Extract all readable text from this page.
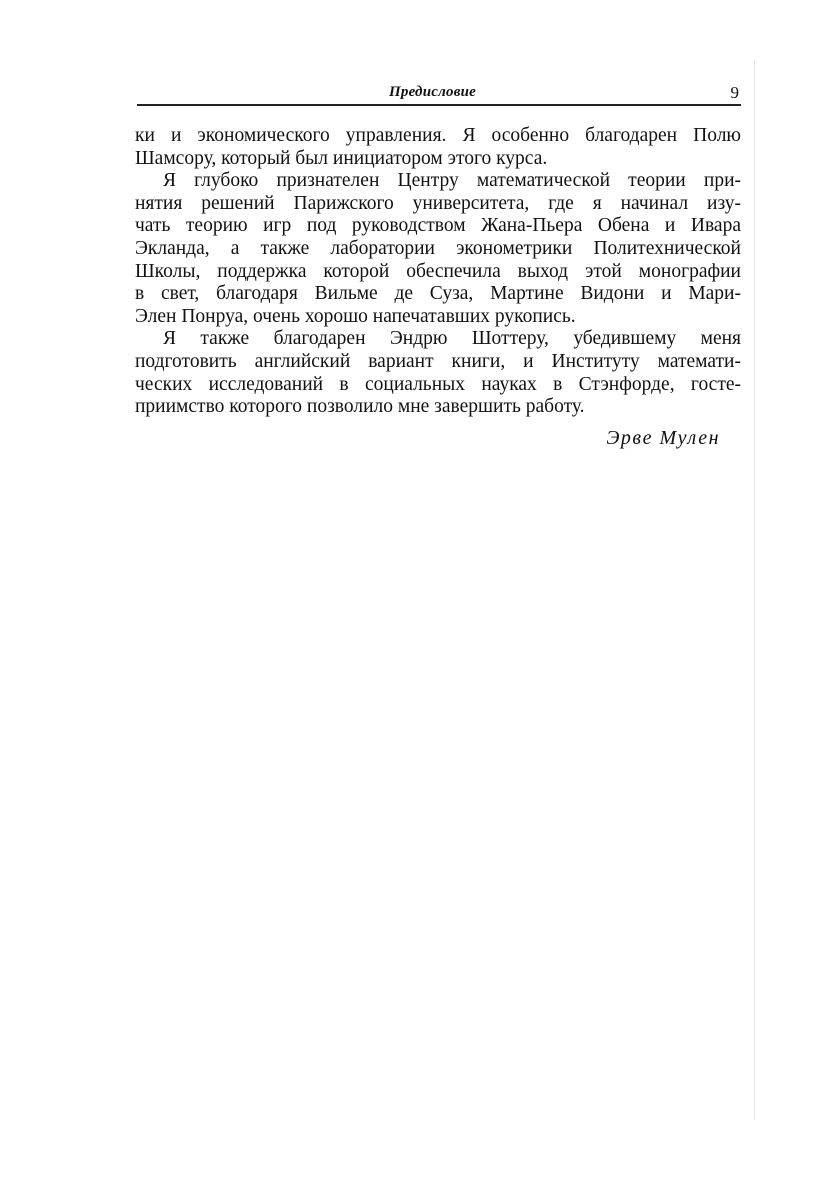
Предисловие	9

ки и экономического управления. Я особенно благодарен Полю
Шамсору, который был инициатором этого курса.

Я глубоко признателен Центру математической теории при-
нятия решений Парижского университета, где я начинал изу-
чать теорию игр под руководством Жана-Пьера Обена и Ивара
Экланда, а также лаборатории эконометрики Политехнической
Школы, поддержка которой обеспечила выход этой монографии
в свет, благодаря Вильме де Суза, Мартине Видони и Мари-
Элен Понруа, очень хорошо напечатавших рукопись.

Я также благодарен Эндрю Шоттеру, убедившему меня
подготовить английский вариант книги, и Институту математи-
ческих исследований в социальных науках в Стэнфорде, госте-
приимство которого позволило мне завершить работу.

Эрве Мулен
